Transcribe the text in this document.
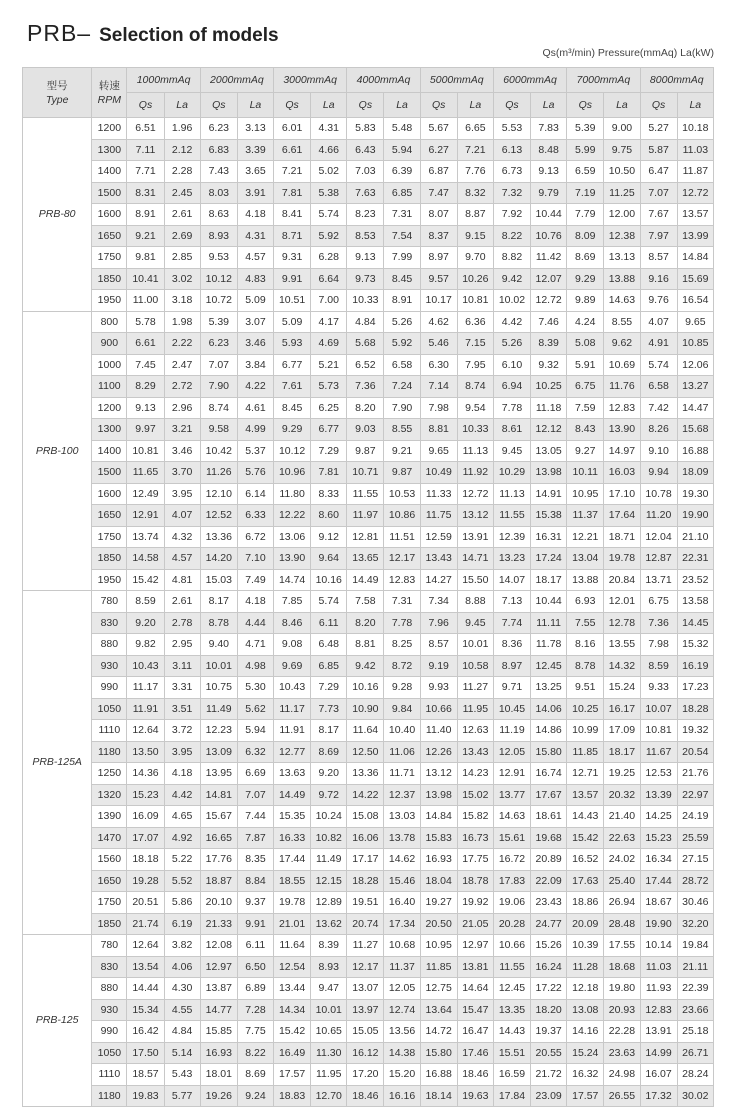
PRB– Selection of models
Qs(m³/min) Pressure(mmAq) La(kW)
型号
Type	转速
RPM	1000mmAq		2000mmAq		3000mmAq		4000mmAq		5000mmAq		6000mmAq		7000mmAq		8000mmAq	
		Qs	La	Qs	La	Qs	La	Qs	La	Qs	La	Qs	La	Qs	La	Qs	La
PRB-80	1200	6.51	1.96	6.23	3.13	6.01	4.31	5.83	5.48	5.67	6.65	5.53	7.83	5.39	9.00	5.27	10.18
	1300	7.11	2.12	6.83	3.39	6.61	4.66	6.43	5.94	6.27	7.21	6.13	8.48	5.99	9.75	5.87	11.03
	1400	7.71	2.28	7.43	3.65	7.21	5.02	7.03	6.39	6.87	7.76	6.73	9.13	6.59	10.50	6.47	11.87
	1500	8.31	2.45	8.03	3.91	7.81	5.38	7.63	6.85	7.47	8.32	7.32	9.79	7.19	11.25	7.07	12.72
	1600	8.91	2.61	8.63	4.18	8.41	5.74	8.23	7.31	8.07	8.87	7.92	10.44	7.79	12.00	7.67	13.57
	1650	9.21	2.69	8.93	4.31	8.71	5.92	8.53	7.54	8.37	9.15	8.22	10.76	8.09	12.38	7.97	13.99
	1750	9.81	2.85	9.53	4.57	9.31	6.28	9.13	7.99	8.97	9.70	8.82	11.42	8.69	13.13	8.57	14.84
	1850	10.41	3.02	10.12	4.83	9.91	6.64	9.73	8.45	9.57	10.26	9.42	12.07	9.29	13.88	9.16	15.69
	1950	11.00	3.18	10.72	5.09	10.51	7.00	10.33	8.91	10.17	10.81	10.02	12.72	9.89	14.63	9.76	16.54
PRB-100	800	5.78	1.98	5.39	3.07	5.09	4.17	4.84	5.26	4.62	6.36	4.42	7.46	4.24	8.55	4.07	9.65
	900	6.61	2.22	6.23	3.46	5.93	4.69	5.68	5.92	5.46	7.15	5.26	8.39	5.08	9.62	4.91	10.85
	1000	7.45	2.47	7.07	3.84	6.77	5.21	6.52	6.58	6.30	7.95	6.10	9.32	5.91	10.69	5.74	12.06
	1100	8.29	2.72	7.90	4.22	7.61	5.73	7.36	7.24	7.14	8.74	6.94	10.25	6.75	11.76	6.58	13.27
	1200	9.13	2.96	8.74	4.61	8.45	6.25	8.20	7.90	7.98	9.54	7.78	11.18	7.59	12.83	7.42	14.47
	1300	9.97	3.21	9.58	4.99	9.29	6.77	9.03	8.55	8.81	10.33	8.61	12.12	8.43	13.90	8.26	15.68
	1400	10.81	3.46	10.42	5.37	10.12	7.29	9.87	9.21	9.65	11.13	9.45	13.05	9.27	14.97	9.10	16.88
	1500	11.65	3.70	11.26	5.76	10.96	7.81	10.71	9.87	10.49	11.92	10.29	13.98	10.11	16.03	9.94	18.09
	1600	12.49	3.95	12.10	6.14	11.80	8.33	11.55	10.53	11.33	12.72	11.13	14.91	10.95	17.10	10.78	19.30
	1650	12.91	4.07	12.52	6.33	12.22	8.60	11.97	10.86	11.75	13.12	11.55	15.38	11.37	17.64	11.20	19.90
	1750	13.74	4.32	13.36	6.72	13.06	9.12	12.81	11.51	12.59	13.91	12.39	16.31	12.21	18.71	12.04	21.10
	1850	14.58	4.57	14.20	7.10	13.90	9.64	13.65	12.17	13.43	14.71	13.23	17.24	13.04	19.78	12.87	22.31
	1950	15.42	4.81	15.03	7.49	14.74	10.16	14.49	12.83	14.27	15.50	14.07	18.17	13.88	20.84	13.71	23.52
PRB-125A	780	8.59	2.61	8.17	4.18	7.85	5.74	7.58	7.31	7.34	8.88	7.13	10.44	6.93	12.01	6.75	13.58
	830	9.20	2.78	8.78	4.44	8.46	6.11	8.20	7.78	7.96	9.45	7.74	11.11	7.55	12.78	7.36	14.45
	880	9.82	2.95	9.40	4.71	9.08	6.48	8.81	8.25	8.57	10.01	8.36	11.78	8.16	13.55	7.98	15.32
	930	10.43	3.11	10.01	4.98	9.69	6.85	9.42	8.72	9.19	10.58	8.97	12.45	8.78	14.32	8.59	16.19
	990	11.17	3.31	10.75	5.30	10.43	7.29	10.16	9.28	9.93	11.27	9.71	13.25	9.51	15.24	9.33	17.23
	1050	11.91	3.51	11.49	5.62	11.17	7.73	10.90	9.84	10.66	11.95	10.45	14.06	10.25	16.17	10.07	18.28
	1110	12.64	3.72	12.23	5.94	11.91	8.17	11.64	10.40	11.40	12.63	11.19	14.86	10.99	17.09	10.81	19.32
	1180	13.50	3.95	13.09	6.32	12.77	8.69	12.50	11.06	12.26	13.43	12.05	15.80	11.85	18.17	11.67	20.54
	1250	14.36	4.18	13.95	6.69	13.63	9.20	13.36	11.71	13.12	14.23	12.91	16.74	12.71	19.25	12.53	21.76
	1320	15.23	4.42	14.81	7.07	14.49	9.72	14.22	12.37	13.98	15.02	13.77	17.67	13.57	20.32	13.39	22.97
	1390	16.09	4.65	15.67	7.44	15.35	10.24	15.08	13.03	14.84	15.82	14.63	18.61	14.43	21.40	14.25	24.19
	1470	17.07	4.92	16.65	7.87	16.33	10.82	16.06	13.78	15.83	16.73	15.61	19.68	15.42	22.63	15.23	25.59
	1560	18.18	5.22	17.76	8.35	17.44	11.49	17.17	14.62	16.93	17.75	16.72	20.89	16.52	24.02	16.34	27.15
	1650	19.28	5.52	18.87	8.84	18.55	12.15	18.28	15.46	18.04	18.78	17.83	22.09	17.63	25.40	17.44	28.72
	1750	20.51	5.86	20.10	9.37	19.78	12.89	19.51	16.40	19.27	19.92	19.06	23.43	18.86	26.94	18.67	30.46
	1850	21.74	6.19	21.33	9.91	21.01	13.62	20.74	17.34	20.50	21.05	20.28	24.77	20.09	28.48	19.90	32.20
PRB-125	780	12.64	3.82	12.08	6.11	11.64	8.39	11.27	10.68	10.95	12.97	10.66	15.26	10.39	17.55	10.14	19.84
	830	13.54	4.06	12.97	6.50	12.54	8.93	12.17	11.37	11.85	13.81	11.55	16.24	11.28	18.68	11.03	21.11
	880	14.44	4.30	13.87	6.89	13.44	9.47	13.07	12.05	12.75	14.64	12.45	17.22	12.18	19.80	11.93	22.39
	930	15.34	4.55	14.77	7.28	14.34	10.01	13.97	12.74	13.64	15.47	13.35	18.20	13.08	20.93	12.83	23.66
	990	16.42	4.84	15.85	7.75	15.42	10.65	15.05	13.56	14.72	16.47	14.43	19.37	14.16	22.28	13.91	25.18
	1050	17.50	5.14	16.93	8.22	16.49	11.30	16.12	14.38	15.80	17.46	15.51	20.55	15.24	23.63	14.99	26.71
	1110	18.57	5.43	18.01	8.69	17.57	11.95	17.20	15.20	16.88	18.46	16.59	21.72	16.32	24.98	16.07	28.24
	1180	19.83	5.77	19.26	9.24	18.83	12.70	18.46	16.16	18.14	19.63	17.84	23.09	17.57	26.55	17.32	30.02
